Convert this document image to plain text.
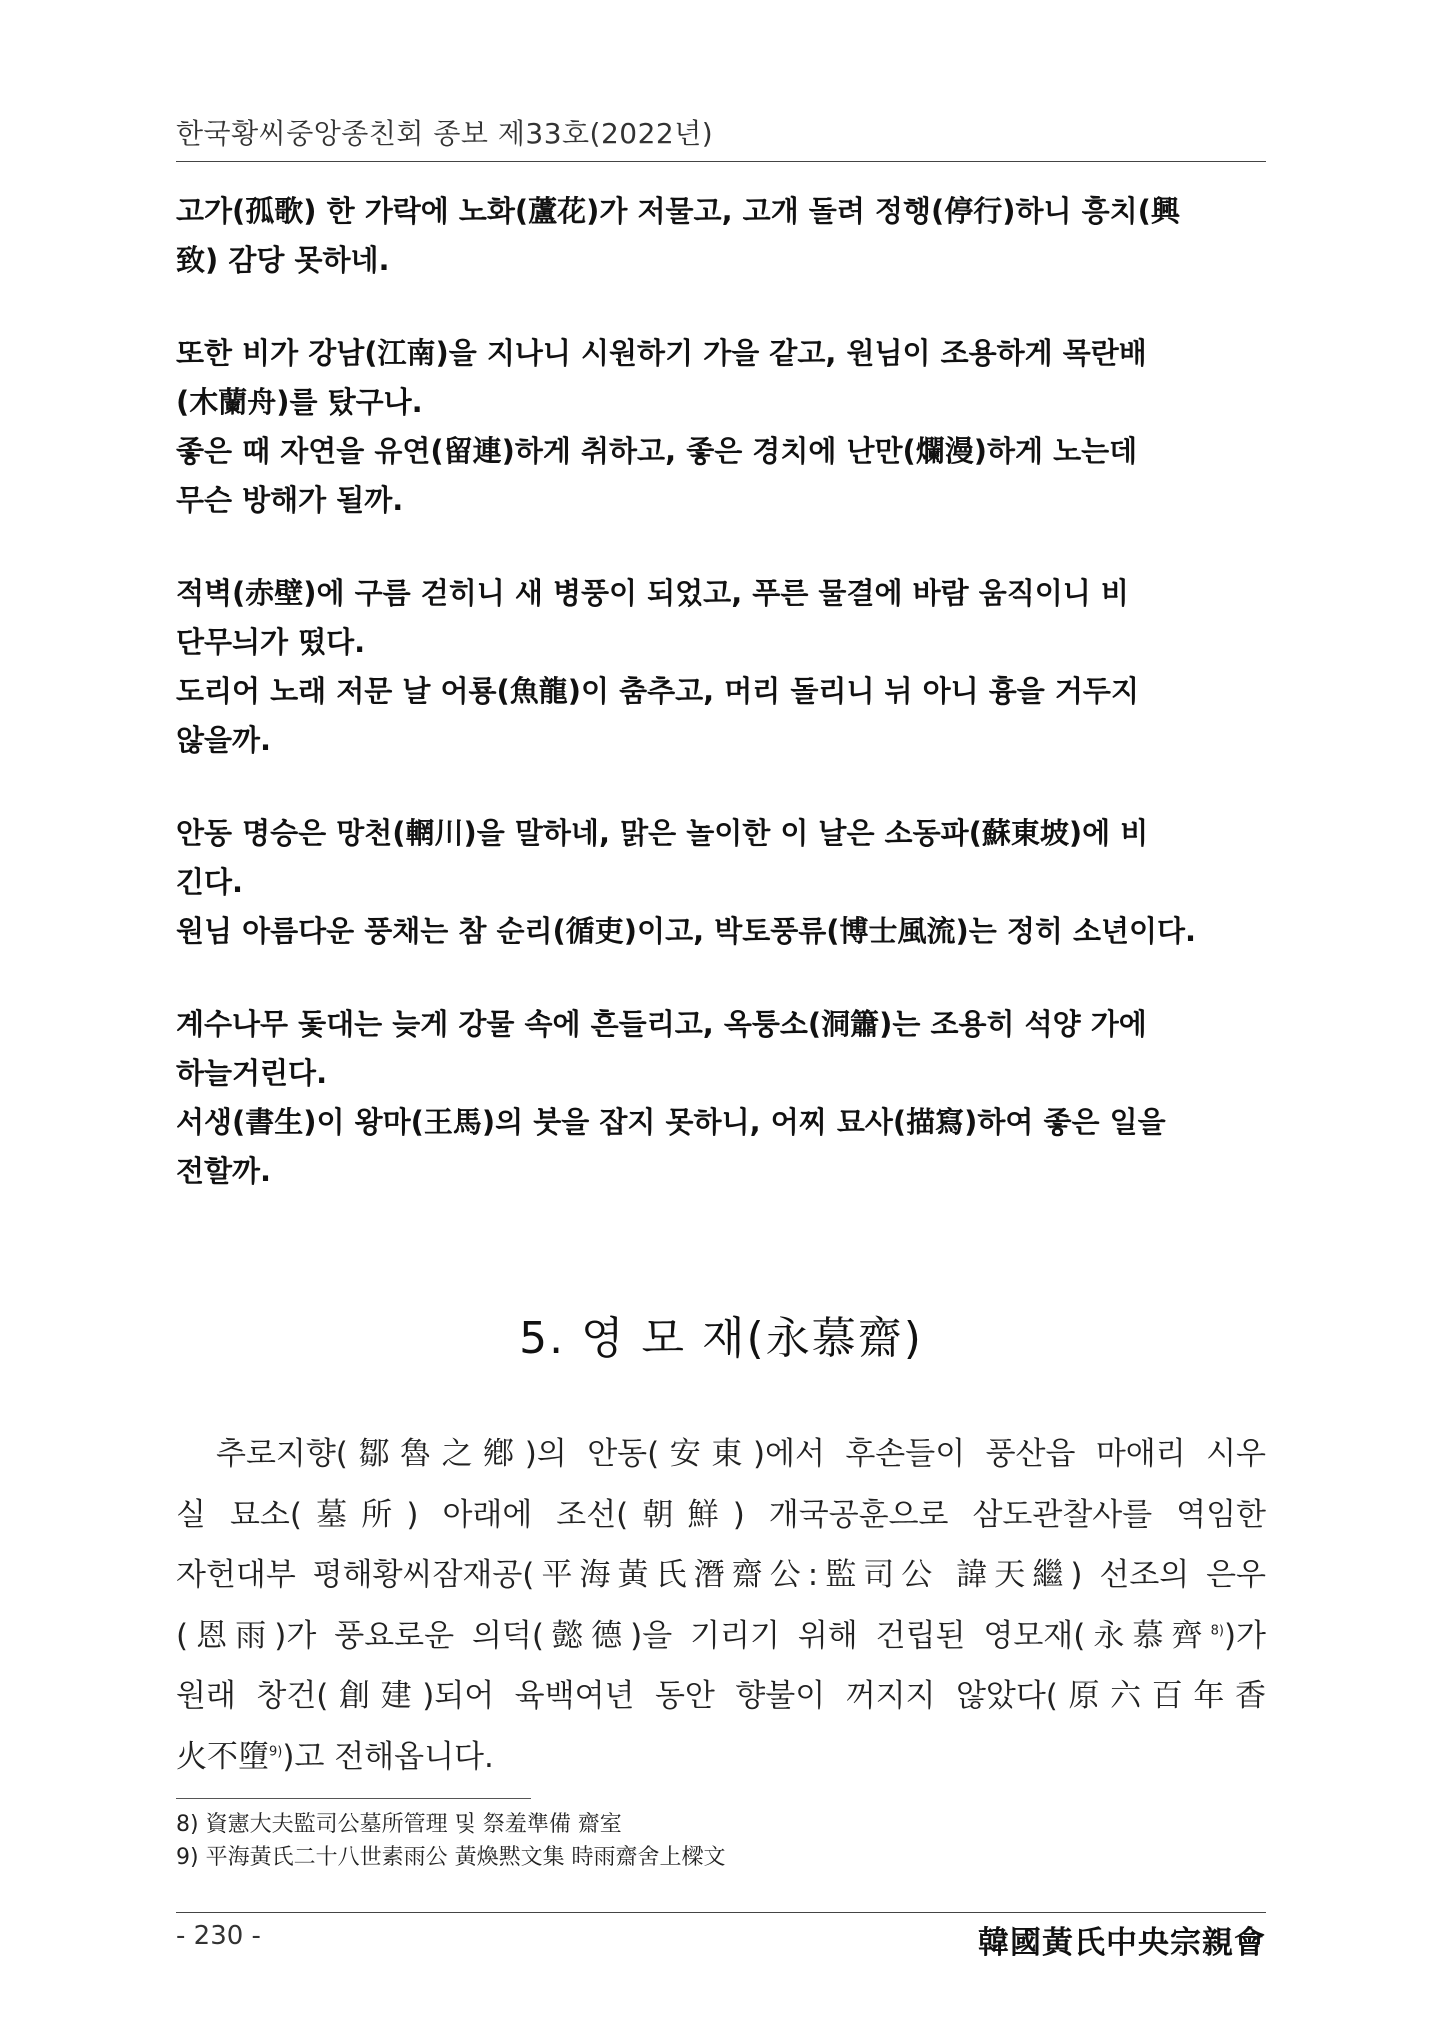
한국황씨중앙종친회 종보 제33호(2022년)

고가(孤歌) 한 가락에 노화(蘆花)가 저물고, 고개 돌려 정행(停行)하니 흥치(興

致) 감당 못하네.

또한 비가 강남(江南)을 지나니 시원하기 가을 같고, 원님이 조용하게 목란배

(木蘭舟)를 탔구나.

좋은 때 자연을 유연(留連)하게 취하고, 좋은 경치에 난만(爛漫)하게 노는데

무슨 방해가 될까.

적벽(赤壁)에 구름 걷히니 새 병풍이 되었고, 푸른 물결에 바람 움직이니 비

단무늬가 떴다.

도리어 노래 저문 날 어룡(魚龍)이 춤추고, 머리 돌리니 뉘 아니 흉을 거두지

않을까.

안동 명승은 망천(輞川)을 말하네, 맑은 놀이한 이 날은 소동파(蘇東坡)에 비

긴다.

원님 아름다운 풍채는 참 순리(循吏)이고, 박토풍류(博士風流)는 정히 소년이다.

계수나무 돛대는 늦게 강물 속에 흔들리고, 옥퉁소(洞簫)는 조용히 석양 가에

하늘거린다.

서생(書生)이 왕마(王馬)의 붓을 잡지 못하니, 어찌 묘사(描寫)하여 좋은 일을

전할까.

5. 영 모 재(永慕齋)
추로지향(鄒魯之鄕)의 안동(安東)에서 후손들이 풍산읍 마애리 시우
실 묘소(墓所) 아래에 조선(朝鮮) 개국공훈으로 삼도관찰사를 역임한
자헌대부 평해황씨잠재공(平海黃氏潛齋公:監司公 諱天繼) 선조의 은우
(恩雨)가 풍요로운 의덕(懿德)을 기리기 위해 건립된 영모재(永慕齊$^{8)}$)가
원래 창건(創建)되어 육백여년 동안 향불이 꺼지지 않았다(原六百年香
火不墮$^{9)}$)고 전해옵니다.
8) 資憲大夫監司公墓所管理 및 祭羞準備 齋室
9) 平海黃氏二十八世素雨公 黃煥黙文集 時雨齋舍上樑文
- 230 -	韓國黃氏中央宗親會
